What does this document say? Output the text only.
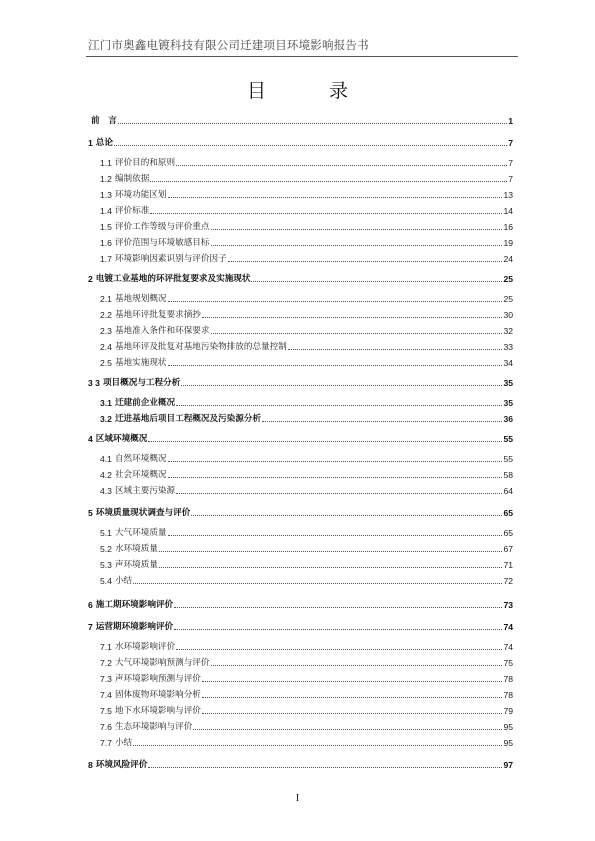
江门市奥鑫电镀科技有限公司迁建项目环境影响报告书
目　录
前　言	1
1 总论	7
1.1 评价目的和原则	7
1.2 编制依据	7
1.3 环境功能区划	13
1.4 评价标准	14
1.5 评价工作等级与评价重点	16
1.6 评价范围与环境敏感目标	19
1.7 环境影响因素识别与评价因子	24
2 电镀工业基地的环评批复要求及实施现状	25
2.1 基地规划概况	25
2.2 基地环评批复要求摘抄	30
2.3 基地准入条件和环保要求	32
2.4 基地环评及批复对基地污染物排放的总量控制	33
2.5 基地实施现状	34
3 3 项目概况与工程分析	35
3.1 迁建前企业概况	35
3.2 迁进基地后项目工程概况及污染源分析	36
4 区域环境概况	55
4.1 自然环境概况	55
4.2 社会环境概况	58
4.3 区域主要污染源	64
5 环境质量现状调查与评价	65
5.1 大气环境质量	65
5.2 水环境质量	67
5.3 声环境质量	71
5.4 小结	72
6 施工期环境影响评价	73
7 运营期环境影响评价	74
7.1 水环境影响评价	74
7.2 大气环境影响预测与评价	75
7.3 声环境影响预测与评价	78
7.4 固体废物环境影响分析	78
7.5 地下水环境影响与评价	79
7.6 生态环境影响与评价	95
7.7 小结	95
8 环境风险评价	97
I
